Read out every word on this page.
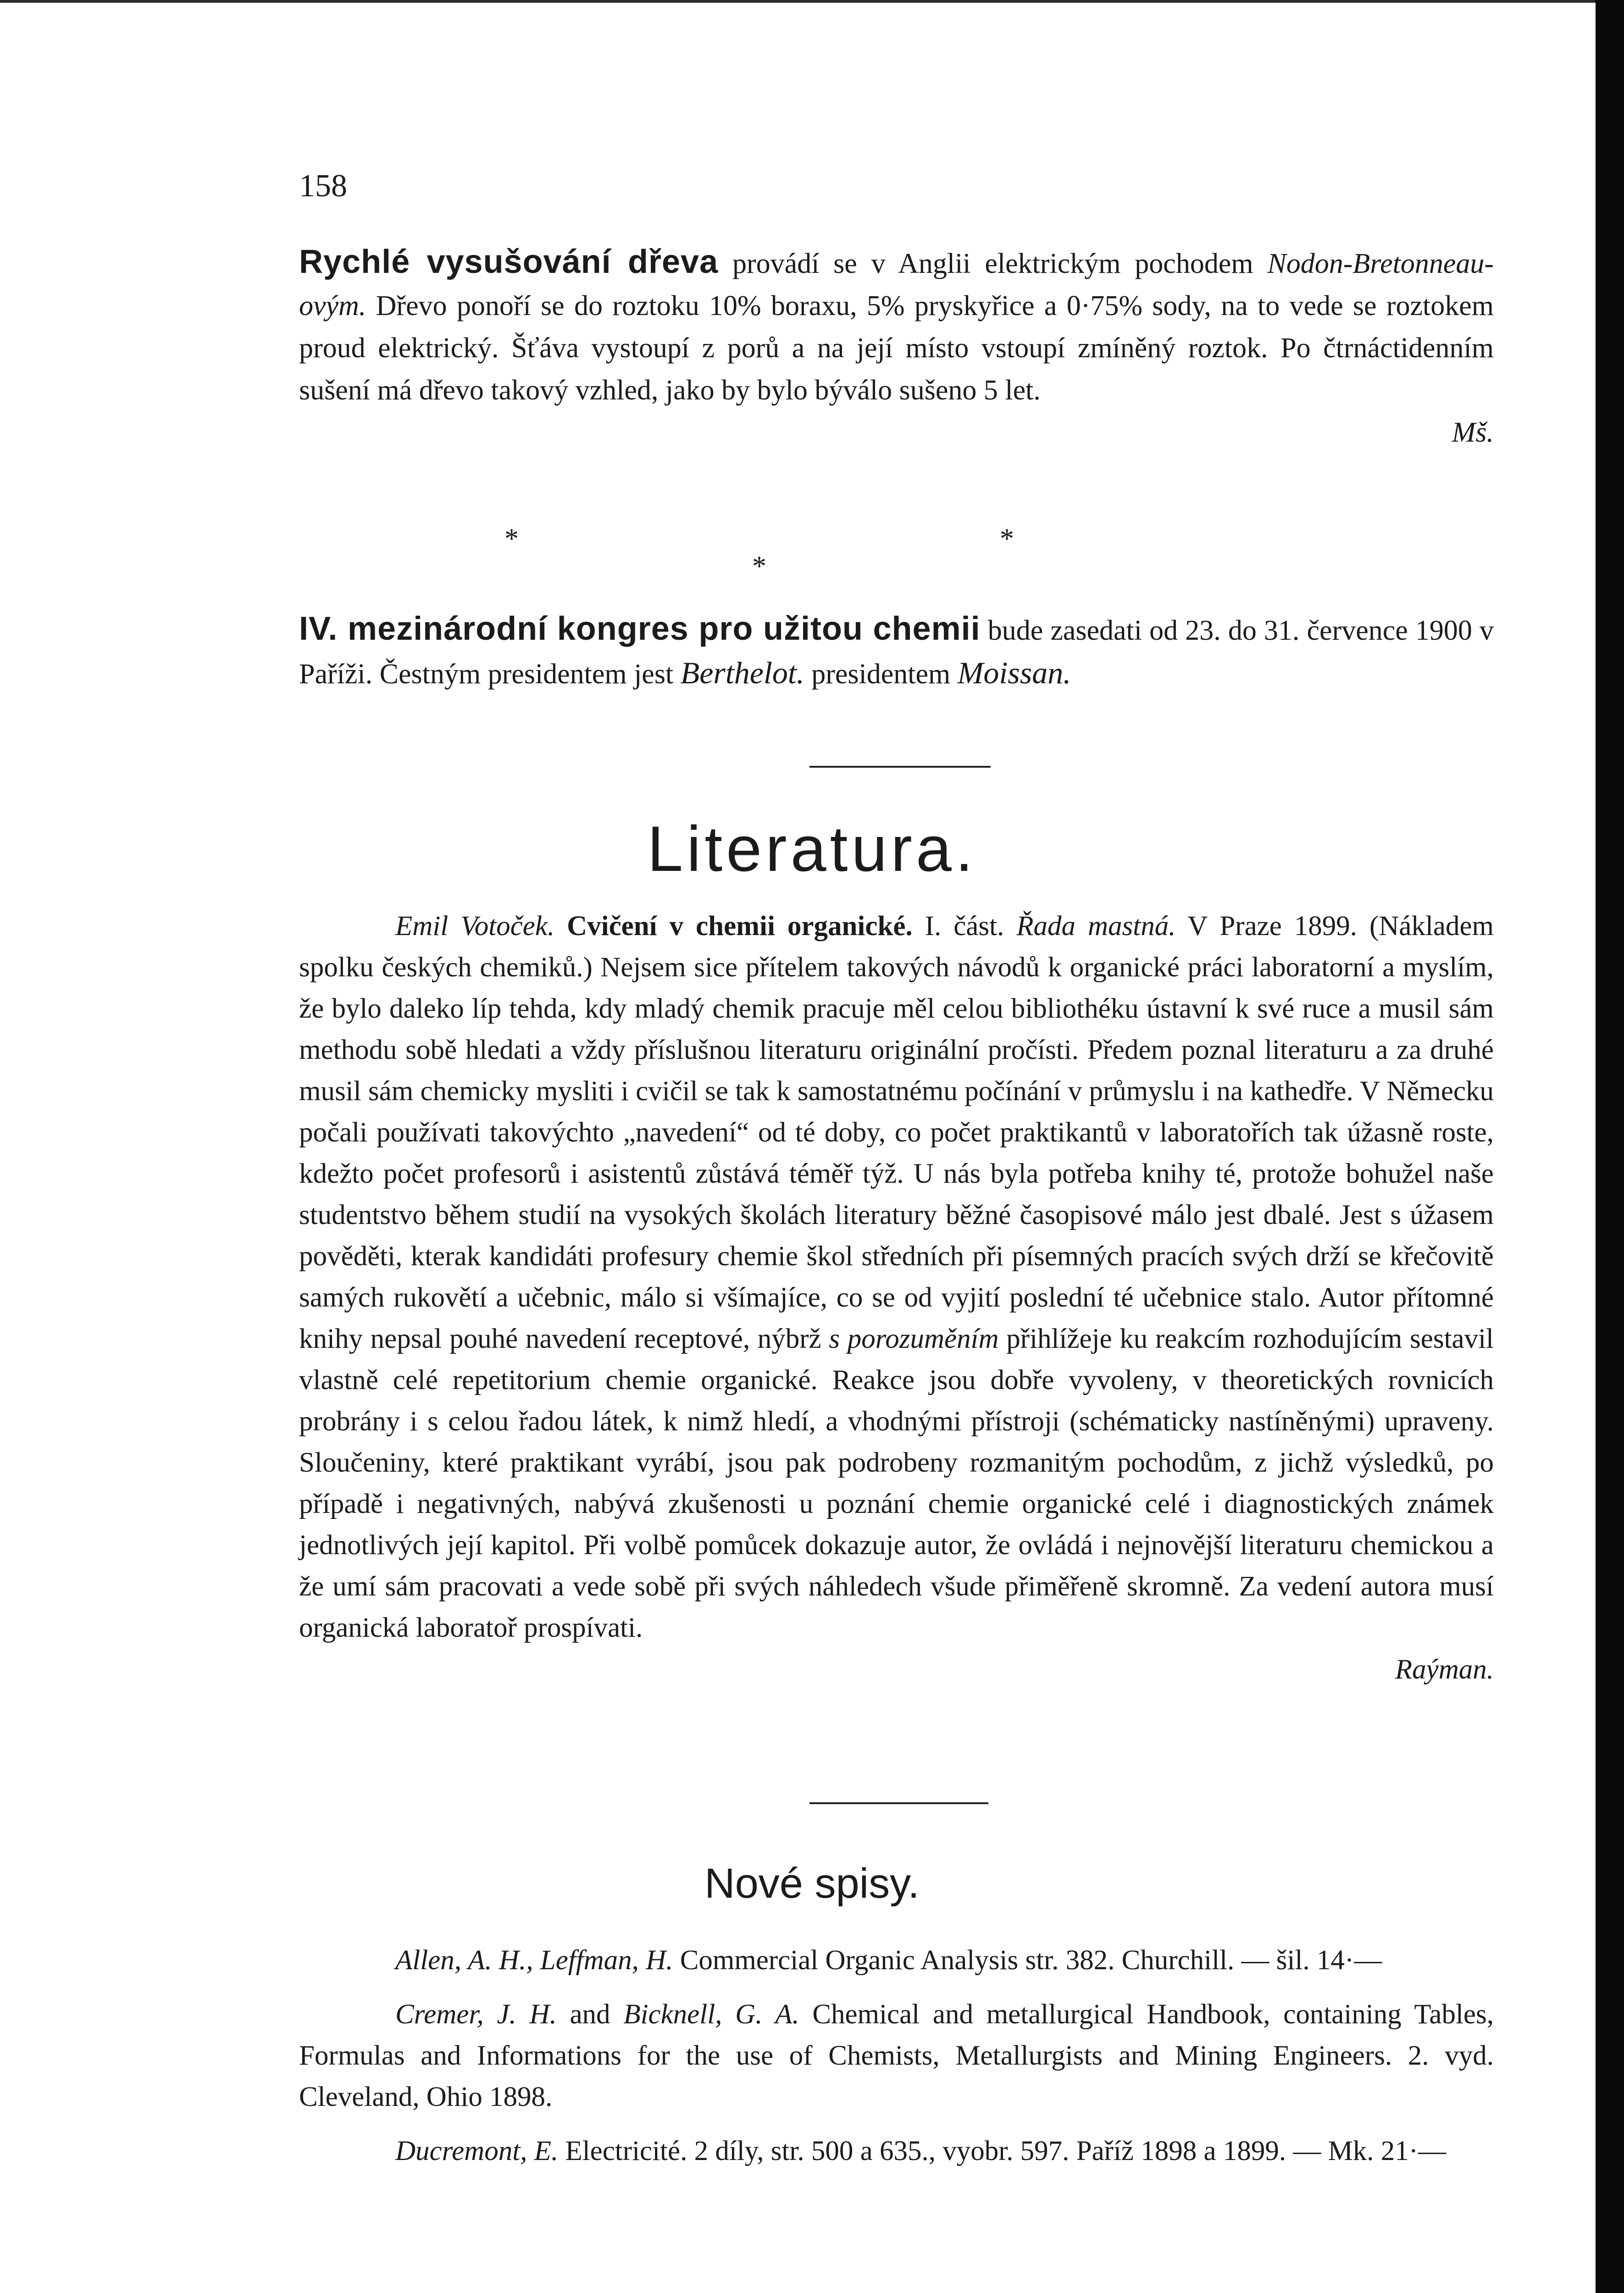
158
Rychlé vysušování dřeva provádí se v Anglii elektrickým pochodem Nodon-Bretonneau-ovým. Dřevo ponoří se do roztoku 10% boraxu, 5% pryskyřice a 0·75% sody, na to vede se roztokem proud elektrický. Šťáva vystoupí z porů a na její místo vstoupí zmíněný roztok. Po čtrnáctidenním sušení má dřevo takový vzhled, jako by bylo býválo sušeno 5 let.
Mš.
*	*
*
IV. mezinárodní kongres pro užitou chemii bude zasedati od 23. do 31. července 1900 v Paříži. Čestným presidentem jest Berthelot. presidentem Moissan.
Literatura.
Emil Votoček. Cvičení v chemii organické. I. část. Řada mastná. V Praze 1899. (Nákladem spolku českých chemiků.) Nejsem sice přítelem takových návodů k organické práci laboratorní a myslím, že bylo daleko líp tehda, kdy mladý chemik pracuje měl celou bibliothéku ústavní k své ruce a musil sám methodu sobě hledati a vždy příslušnou literaturu originální pročísti. Předem poznal literaturu a za druhé musil sám chemicky mysliti i cvičil se tak k samostatnému počínání v průmyslu i na kathedře. V Německu počali používati takovýchto „navedení“ od té doby, co počet praktikantů v laboratořích tak úžasně roste, kdežto počet profesorů i asistentů zůstává téměř týž. U nás byla potřeba knihy té, protože bohužel naše studentstvo během studií na vysokých školách literatury běžné časopisové málo jest dbalé. Jest s úžasem pověděti, kterak kandidáti profesury chemie škol středních při písemných pracích svých drží se křečovitě samých rukovětí a učebnic, málo si všímajíce, co se od vyjití poslední té učebnice stalo. Autor přítomné knihy nepsal pouhé navedení receptové, nýbrž s porozuměním přihlížeje ku reakcím rozhodujícím sestavil vlastně celé repetitorium chemie organické. Reakce jsou dobře vyvoleny, v theoretických rovnicích probrány i s celou řadou látek, k nimž hledí, a vhodnými přístroji (schématicky nastíněnými) upraveny. Sloučeniny, které praktikant vyrábí, jsou pak podrobeny rozmanitým pochodům, z jichž výsledků, po případě i negativných, nabývá zkušenosti u poznání chemie organické celé i diagnostických známek jednotlivých její kapitol. Při volbě pomůcek dokazuje autor, že ovládá i nejnovější literaturu chemickou a že umí sám pracovati a vede sobě při svých náhledech všude přiměřeně skromně. Za vedení autora musí organická laboratoř prospívati.
Raýman.
Nové spisy.
Allen, A. H., Leffman, H. Commercial Organic Analysis str. 382. Churchill. — šil. 14·—
Cremer, J. H. and Bicknell, G. A. Chemical and metallurgical Handbook, containing Tables, Formulas and Informations for the use of Chemists, Metallurgists and Mining Engineers. 2. vyd. Cleveland, Ohio 1898.
Ducremont, E. Electricité. 2 díly, str. 500 a 635., vyobr. 597. Paříž 1898 a 1899. — Mk. 21·—
